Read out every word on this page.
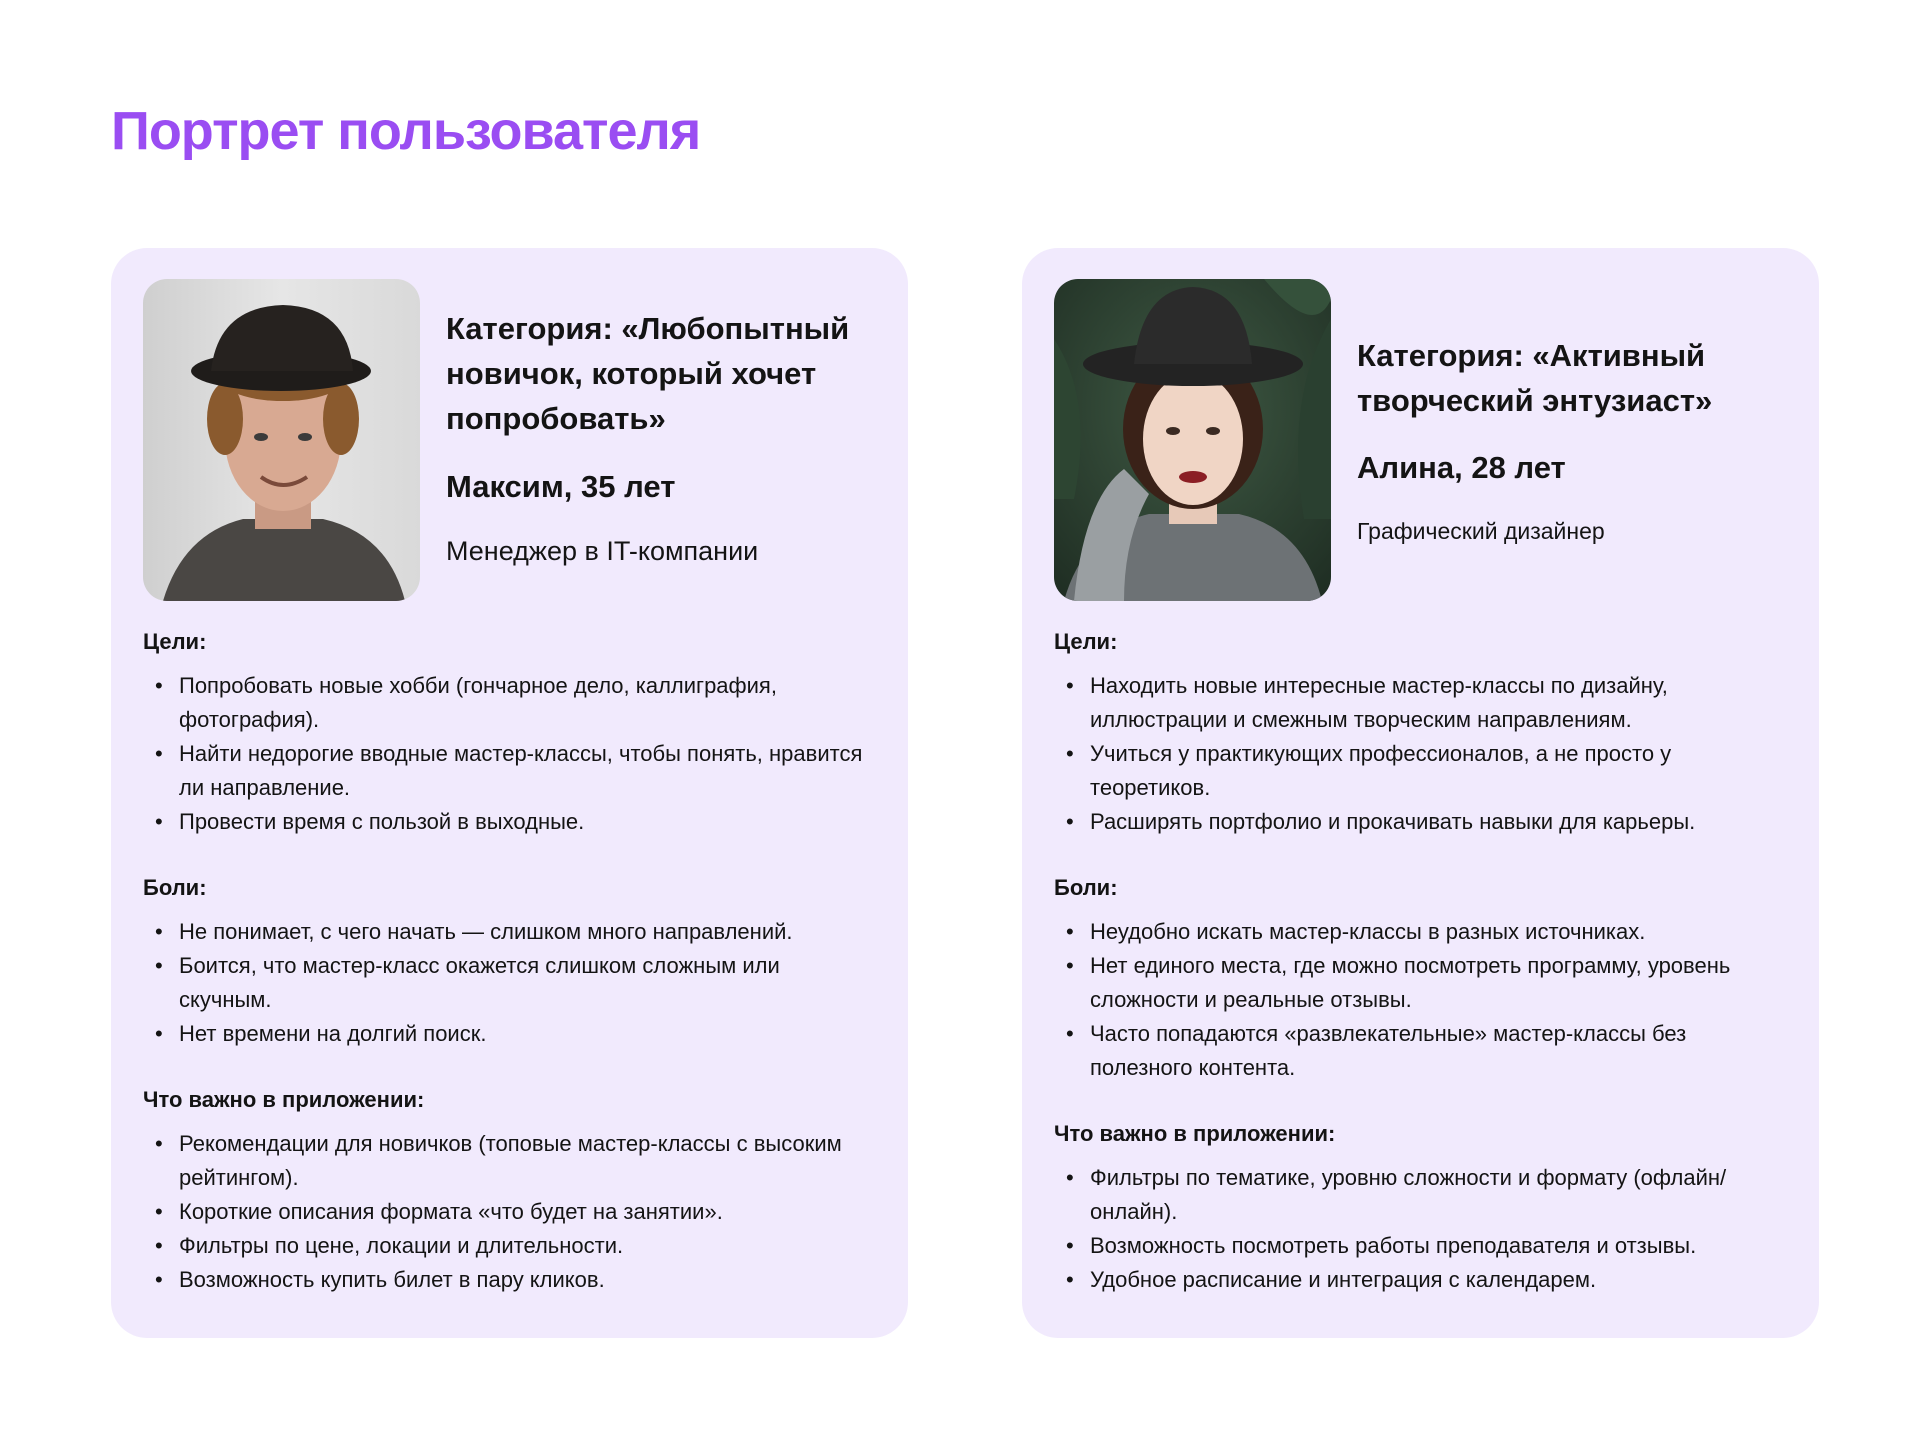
Портрет пользователя

Категория: «Любопытный новичок, который хочет попробовать»

Максим, 35 лет

Менеджер в IT-компании

Цели:

• Попробовать новые хобби (гончарное дело, каллиграфия, фотография).
• Найти недорогие вводные мастер-классы, чтобы понять, нравится ли направление.
• Провести время с пользой в выходные.

Боли:

• Не понимает, с чего начать — слишком много направлений.
• Боится, что мастер-класс окажется слишком сложным или скучным.
• Нет времени на долгий поиск.

Что важно в приложении:

• Рекомендации для новичков (топовые мастер-классы с высоким рейтингом).
• Короткие описания формата «что будет на занятии».
• Фильтры по цене, локации и длительности.
• Возможность купить билет в пару кликов.

Категория: «Активный творческий энтузиаст»

Алина, 28 лет

Графический дизайнер

Цели:

• Находить новые интересные мастер-классы по дизайну, иллюстрации и смежным творческим направлениям.
• Учиться у практикующих профессионалов, а не просто у теоретиков.
• Расширять портфолио и прокачивать навыки для карьеры.

Боли:

• Неудобно искать мастер-классы в разных источниках.
• Нет единого места, где можно посмотреть программу, уровень сложности и реальные отзывы.
• Часто попадаются «развлекательные» мастер-классы без полезного контента.

Что важно в приложении:

• Фильтры по тематике, уровню сложности и формату (офлайн/онлайн).
• Возможность посмотреть работы преподавателя и отзывы.
• Удобное расписание и интеграция с календарем.
